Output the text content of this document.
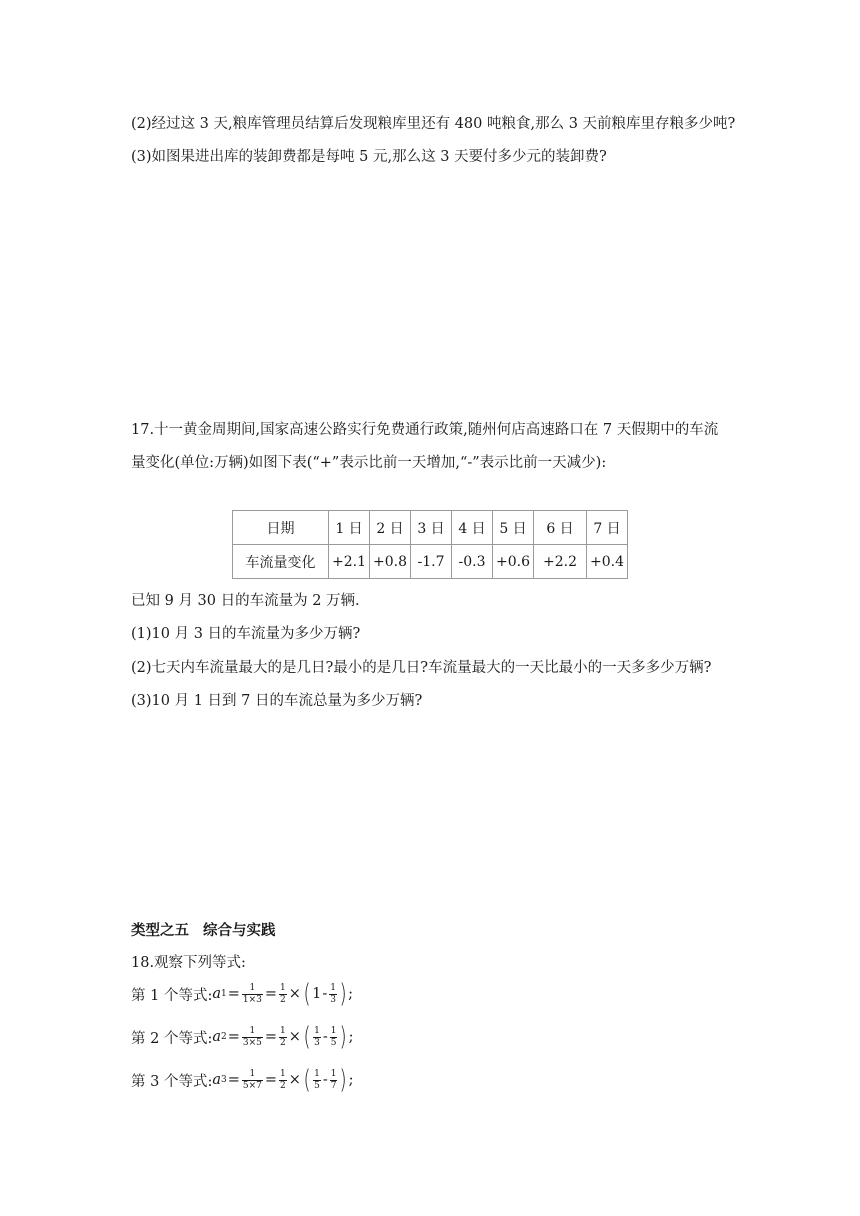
(2)经过这 3 天,粮库管理员结算后发现粮库里还有 480 吨粮食,那么 3 天前粮库里存粮多少吨?
(3)如图果进出库的装卸费都是每吨 5 元,那么这 3 天要付多少元的装卸费?
17.十一黄金周期间,国家高速公路实行免费通行政策,随州何店高速路口在 7 天假期中的车流
量变化(单位:万辆)如图下表(“+”表示比前一天增加,“-”表示比前一天减少):
日期	1 日	2 日	3 日	4 日	5 日	6 日	7 日
车流量变化	+2.1	+0.8	-1.7	-0.3	+0.6	+2.2	+0.4
已知 9 月 30 日的车流量为 2 万辆.
(1)10 月 3 日的车流量为多少万辆?
(2)七天内车流量最大的是几日?最小的是几日?车流量最大的一天比最小的一天多多少万辆?
(3)10 月 1 日到 7 日的车流总量为多少万辆?
类型之五 综合与实践
18.观察下列等式:
第 1 个等式: a $1 = \frac{1}{1\times 3} = \frac{1}{2}$ × ( $1 - \frac{1}{3}$ ) ;
第 2 个等式: a $2 = \frac{1}{3\times 5} = \frac{1}{2}$ × ( $\frac{1}{3} - \frac{1}{5}$ ) ;
第 3 个等式: a $3 = \frac{1}{5\times 7} = \frac{1}{2}$ × ( $\frac{1}{5} - \frac{1}{7}$ ) ;
